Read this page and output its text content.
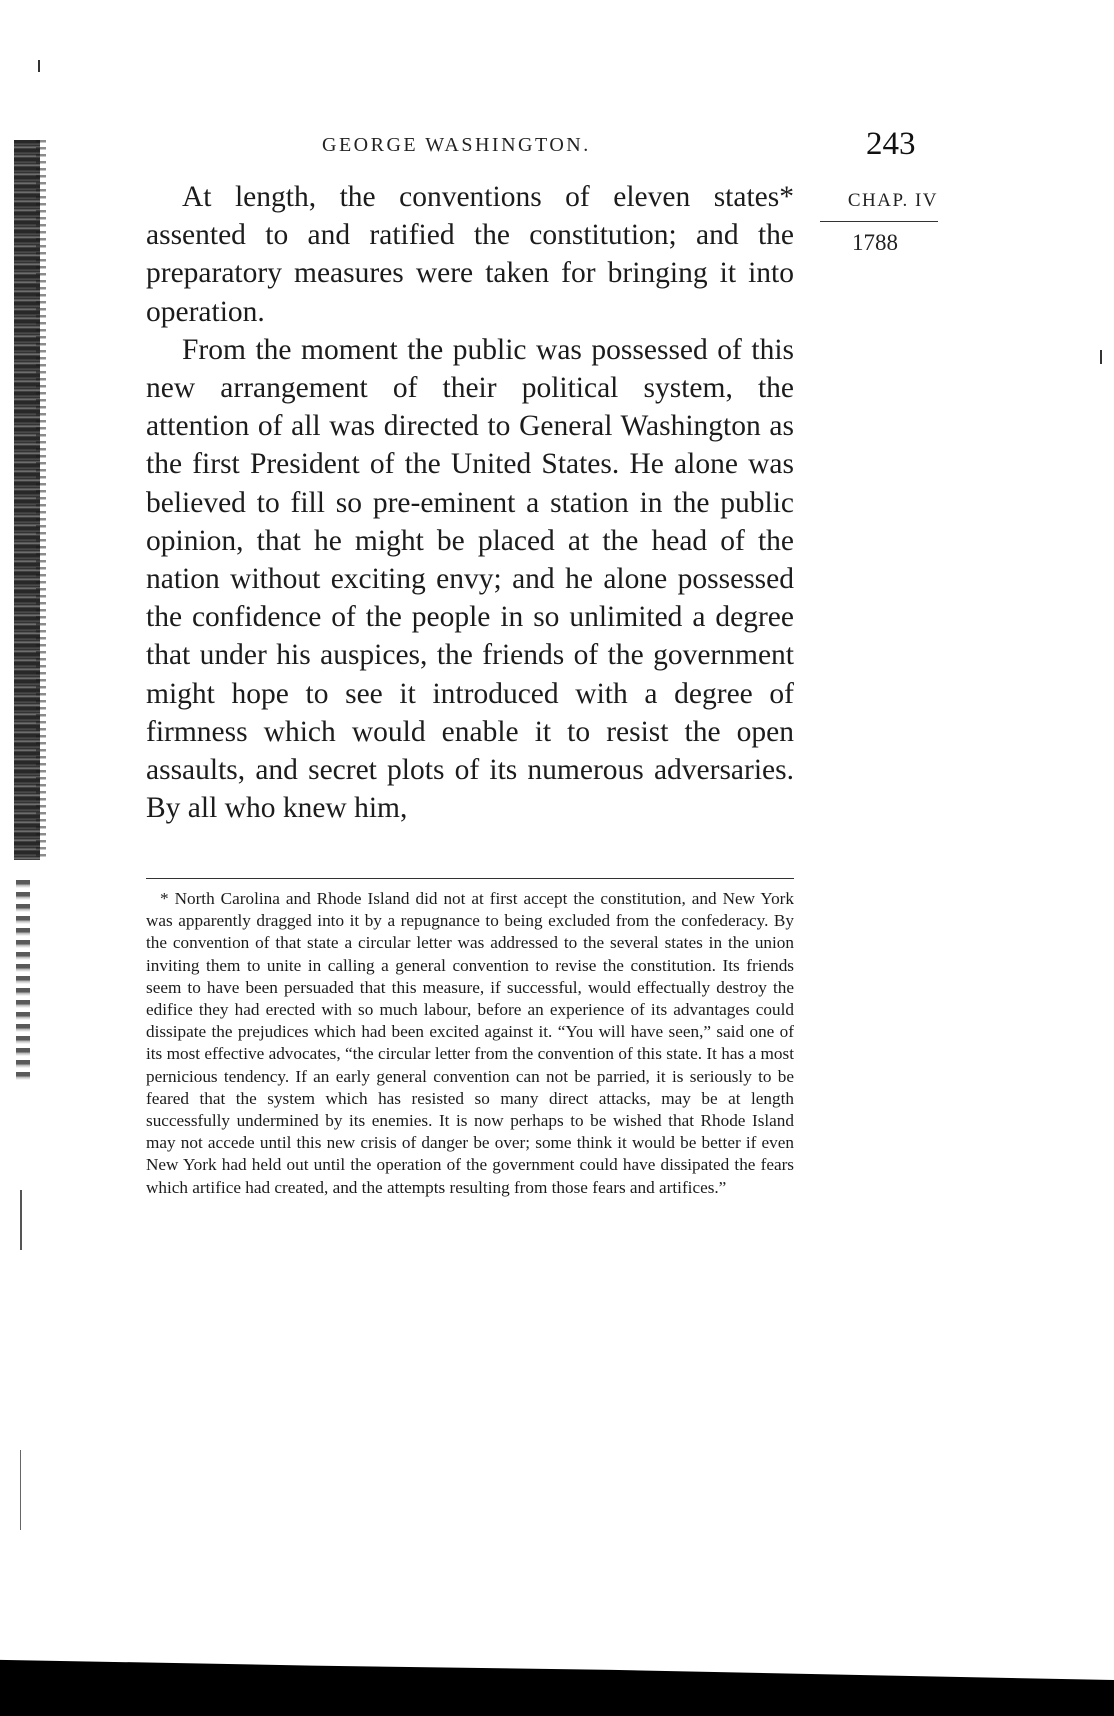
GEORGE WASHINGTON.	243
CHAP. IV
1788

At length, the conventions of eleven states* assented to and ratified the constitution; and the preparatory measures were taken for bringing it into operation.

From the moment the public was possessed of this new arrangement of their political system, the attention of all was directed to General Washington as the first President of the United States. He alone was believed to fill so pre-eminent a station in the public opinion, that he might be placed at the head of the nation without exciting envy; and he alone possessed the confidence of the people in so unlimited a degree that under his auspices, the friends of the government might hope to see it introduced with a degree of firmness which would enable it to resist the open assaults, and secret plots of its numerous adversaries. By all who knew him,

* North Carolina and Rhode Island did not at first accept the constitution, and New York was apparently dragged into it by a repugnance to being excluded from the confederacy. By the convention of that state a circular letter was addressed to the several states in the union inviting them to unite in calling a general convention to revise the constitution. Its friends seem to have been persuaded that this measure, if successful, would effectually destroy the edifice they had erected with so much labour, before an experience of its advantages could dissipate the prejudices which had been excited against it. “You will have seen,” said one of its most effective advocates, “the circular letter from the convention of this state. It has a most pernicious tendency. If an early general convention can not be parried, it is seriously to be feared that the system which has resisted so many direct attacks, may be at length successfully undermined by its enemies. It is now perhaps to be wished that Rhode Island may not accede until this new crisis of danger be over; some think it would be better if even New York had held out until the operation of the government could have dissipated the fears which artifice had created, and the attempts resulting from those fears and artifices.”
